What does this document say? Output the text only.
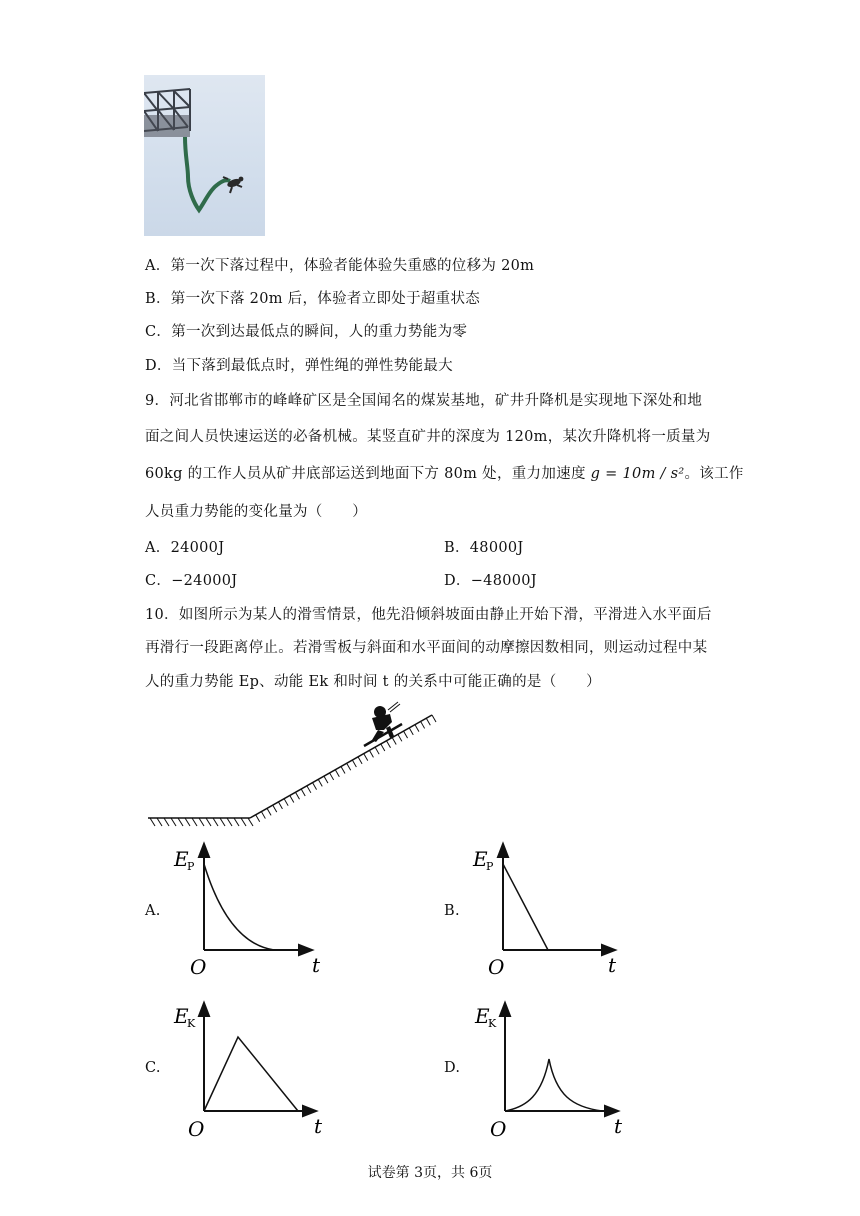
A．第一次下落过程中，体验者能体验失重感的位移为 20m
B．第一次下落 20m 后，体验者立即处于超重状态
C．第一次到达最低点的瞬间，人的重力势能为零
D．当下落到最低点时，弹性绳的弹性势能最大
9．河北省邯郸市的峰峰矿区是全国闻名的煤炭基地，矿井升降机是实现地下深处和地
面之间人员快速运送的必备机械。某竖直矿井的深度为 120m，某次升降机将一质量为
60kg 的工作人员从矿井底部运送到地面下方 80m 处，重力加速度 g = 10m / s²。该工作
人员重力势能的变化量为（　　）
A．24000J	B．48000J
C．−24000J	D．−48000J
10．如图所示为某人的滑雪情景，他先沿倾斜坡面由静止开始下滑，平滑进入水平面后
再滑行一段距离停止。若滑雪板与斜面和水平面间的动摩擦因数相同，则运动过程中某
人的重力势能 Ep、动能 Ek 和时间 t 的关系中可能正确的是（　　）
A.
E
P
O	t
B.
E
P
O	t
C.
E
K
O	t
D.
E
K
O	t
试卷第 3页，共 6页
